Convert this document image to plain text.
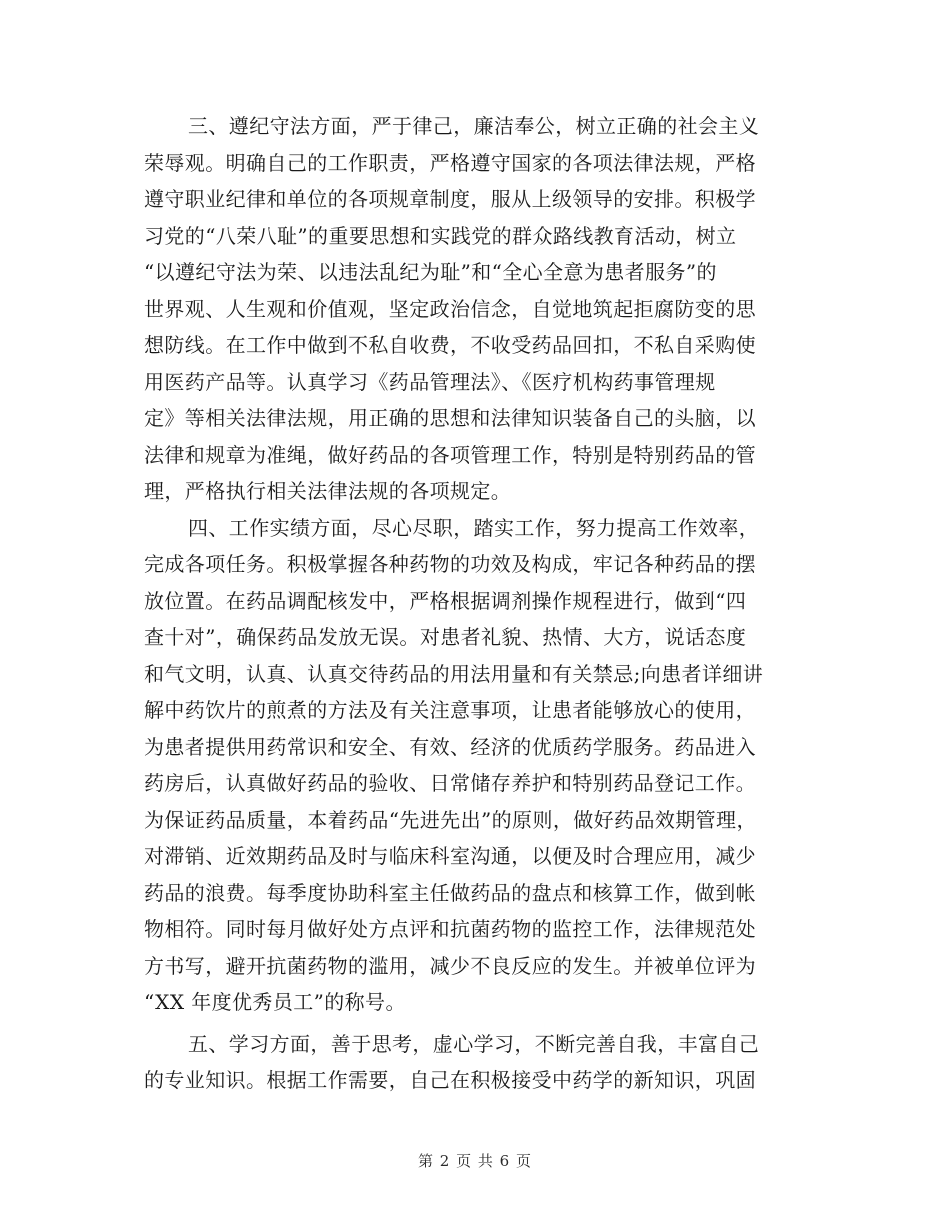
三、遵纪守法方面，严于律己，廉洁奉公，树立正确的社会主义
荣辱观。明确自己的工作职责，严格遵守国家的各项法律法规，严格
遵守职业纪律和单位的各项规章制度，服从上级领导的安排。积极学
习党的“八荣八耻”的重要思想和实践党的群众路线教育活动，树立
“以遵纪守法为荣、以违法乱纪为耻”和“全心全意为患者服务”的
世界观、人生观和价值观，坚定政治信念，自觉地筑起拒腐防变的思
想防线。在工作中做到不私自收费，不收受药品回扣，不私自采购使
用医药产品等。认真学习《药品管理法》、《医疗机构药事管理规
定》等相关法律法规，用正确的思想和法律知识装备自己的头脑，以
法律和规章为准绳，做好药品的各项管理工作，特别是特别药品的管
理，严格执行相关法律法规的各项规定。
四、工作实绩方面，尽心尽职，踏实工作，努力提高工作效率，
完成各项任务。积极掌握各种药物的功效及构成，牢记各种药品的摆
放位置。在药品调配核发中，严格根据调剂操作规程进行，做到“四
查十对”，确保药品发放无误。对患者礼貌、热情、大方，说话态度
和气文明，认真、认真交待药品的用法用量和有关禁忌;向患者详细讲
解中药饮片的煎煮的方法及有关注意事项，让患者能够放心的使用，
为患者提供用药常识和安全、有效、经济的优质药学服务。药品进入
药房后，认真做好药品的验收、日常储存养护和特别药品登记工作。
为保证药品质量，本着药品“先进先出”的原则，做好药品效期管理，
对滞销、近效期药品及时与临床科室沟通，以便及时合理应用，减少
药品的浪费。每季度协助科室主任做药品的盘点和核算工作，做到帐
物相符。同时每月做好处方点评和抗菌药物的监控工作，法律规范处
方书写，避开抗菌药物的滥用，减少不良反应的发生。并被单位评为
“XX 年度优秀员工”的称号。
五、学习方面，善于思考，虚心学习，不断完善自我，丰富自己
的专业知识。根据工作需要，自己在积极接受中药学的新知识，巩固
第 2 页 共 6 页
